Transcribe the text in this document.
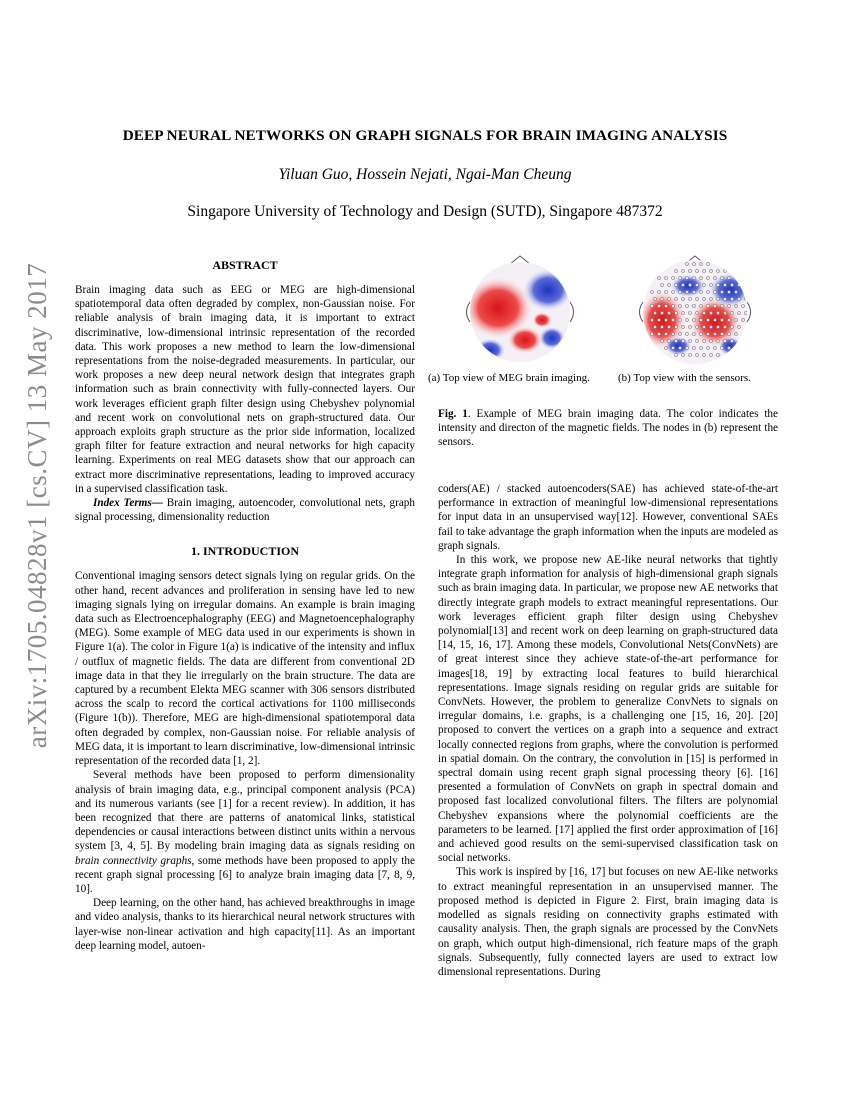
arXiv:1705.04828v1 [cs.CV] 13 May 2017
DEEP NEURAL NETWORKS ON GRAPH SIGNALS FOR BRAIN IMAGING ANALYSIS
Yiluan Guo, Hossein Nejati, Ngai-Man Cheung
Singapore University of Technology and Design (SUTD), Singapore 487372
ABSTRACT

Brain imaging data such as EEG or MEG are high-dimensional spatiotemporal data often degraded by complex, non-Gaussian noise. For reliable analysis of brain imaging data, it is important to extract discriminative, low-dimensional intrinsic representation of the recorded data. This work proposes a new method to learn the low-dimensional representations from the noise-degraded measurements. In particular, our work proposes a new deep neural network design that integrates graph information such as brain connectivity with fully-connected layers. Our work leverages efficient graph filter design using Chebyshev polynomial and recent work on convolutional nets on graph-structured data. Our approach exploits graph structure as the prior side information, localized graph filter for feature extraction and neural networks for high capacity learning. Experiments on real MEG datasets show that our approach can extract more discriminative representations, leading to improved accuracy in a supervised classification task.

Index Terms— Brain imaging, autoencoder, convolutional nets, graph signal processing, dimensionality reduction

1. INTRODUCTION

Conventional imaging sensors detect signals lying on regular grids. On the other hand, recent advances and proliferation in sensing have led to new imaging signals lying on irregular domains. An example is brain imaging data such as Electroencephalography (EEG) and Magnetoencephalography (MEG). Some example of MEG data used in our experiments is shown in Figure 1(a). The color in Figure 1(a) is indicative of the intensity and influx / outflux of magnetic fields. The data are different from conventional 2D image data in that they lie irregularly on the brain structure. The data are captured by a recumbent Elekta MEG scanner with 306 sensors distributed across the scalp to record the cortical activations for 1100 milliseconds (Figure 1(b)). Therefore, MEG are high-dimensional spatiotemporal data often degraded by complex, non-Gaussian noise. For reliable analysis of MEG data, it is important to learn discriminative, low-dimensional intrinsic representation of the recorded data [1, 2].

Several methods have been proposed to perform dimensionality analysis of brain imaging data, e.g., principal component analysis (PCA) and its numerous variants (see [1] for a recent review). In addition, it has been recognized that there are patterns of anatomical links, statistical dependencies or causal interactions between distinct units within a nervous system [3, 4, 5]. By modeling brain imaging data as signals residing on brain connectivity graphs, some methods have been proposed to apply the recent graph signal processing [6] to analyze brain imaging data [7, 8, 9, 10].

Deep learning, on the other hand, has achieved breakthroughs in image and video analysis, thanks to its hierarchical neural network structures with layer-wise non-linear activation and high capacity[11]. As an important deep learning model, autoen-

(a) Top view of MEG brain imaging.	(b) Top view with the sensors.
Fig. 1. Example of MEG brain imaging data. The color indicates the intensity and directon of the magnetic fields. The nodes in (b) represent the sensors.

coders(AE) / stacked autoencoders(SAE) has achieved state-of-the-art performance in extraction of meaningful low-dimensional representations for input data in an unsupervised way[12]. However, conventional SAEs fail to take advantage the graph information when the inputs are modeled as graph signals.

In this work, we propose new AE-like neural networks that tightly integrate graph information for analysis of high-dimensional graph signals such as brain imaging data. In particular, we propose new AE networks that directly integrate graph models to extract meaningful representations. Our work leverages efficient graph filter design using Chebyshev polynomial[13] and recent work on deep learning on graph-structured data [14, 15, 16, 17]. Among these models, Convolutional Nets(ConvNets) are of great interest since they achieve state-of-the-art performance for images[18, 19] by extracting local features to build hierarchical representations. Image signals residing on regular grids are suitable for ConvNets. However, the problem to generalize ConvNets to signals on irregular domains, i.e. graphs, is a challenging one [15, 16, 20]. [20] proposed to convert the vertices on a graph into a sequence and extract locally connected regions from graphs, where the convolution is performed in spatial domain. On the contrary, the convolution in [15] is performed in spectral domain using recent graph signal processing theory [6]. [16] presented a formulation of ConvNets on graph in spectral domain and proposed fast localized convolutional filters. The filters are polynomial Chebyshev expansions where the polynomial coefficients are the parameters to be learned. [17] applied the first order approximation of [16] and achieved good results on the semi-supervised classification task on social networks.

This work is inspired by [16, 17] but focuses on new AE-like networks to extract meaningful representation in an unsupervised manner. The proposed method is depicted in Figure 2. First, brain imaging data is modelled as signals residing on connectivity graphs estimated with causality analysis. Then, the graph signals are processed by the ConvNets on graph, which output high-dimensional, rich feature maps of the graph signals. Subsequently, fully connected layers are used to extract low dimensional representations. During
